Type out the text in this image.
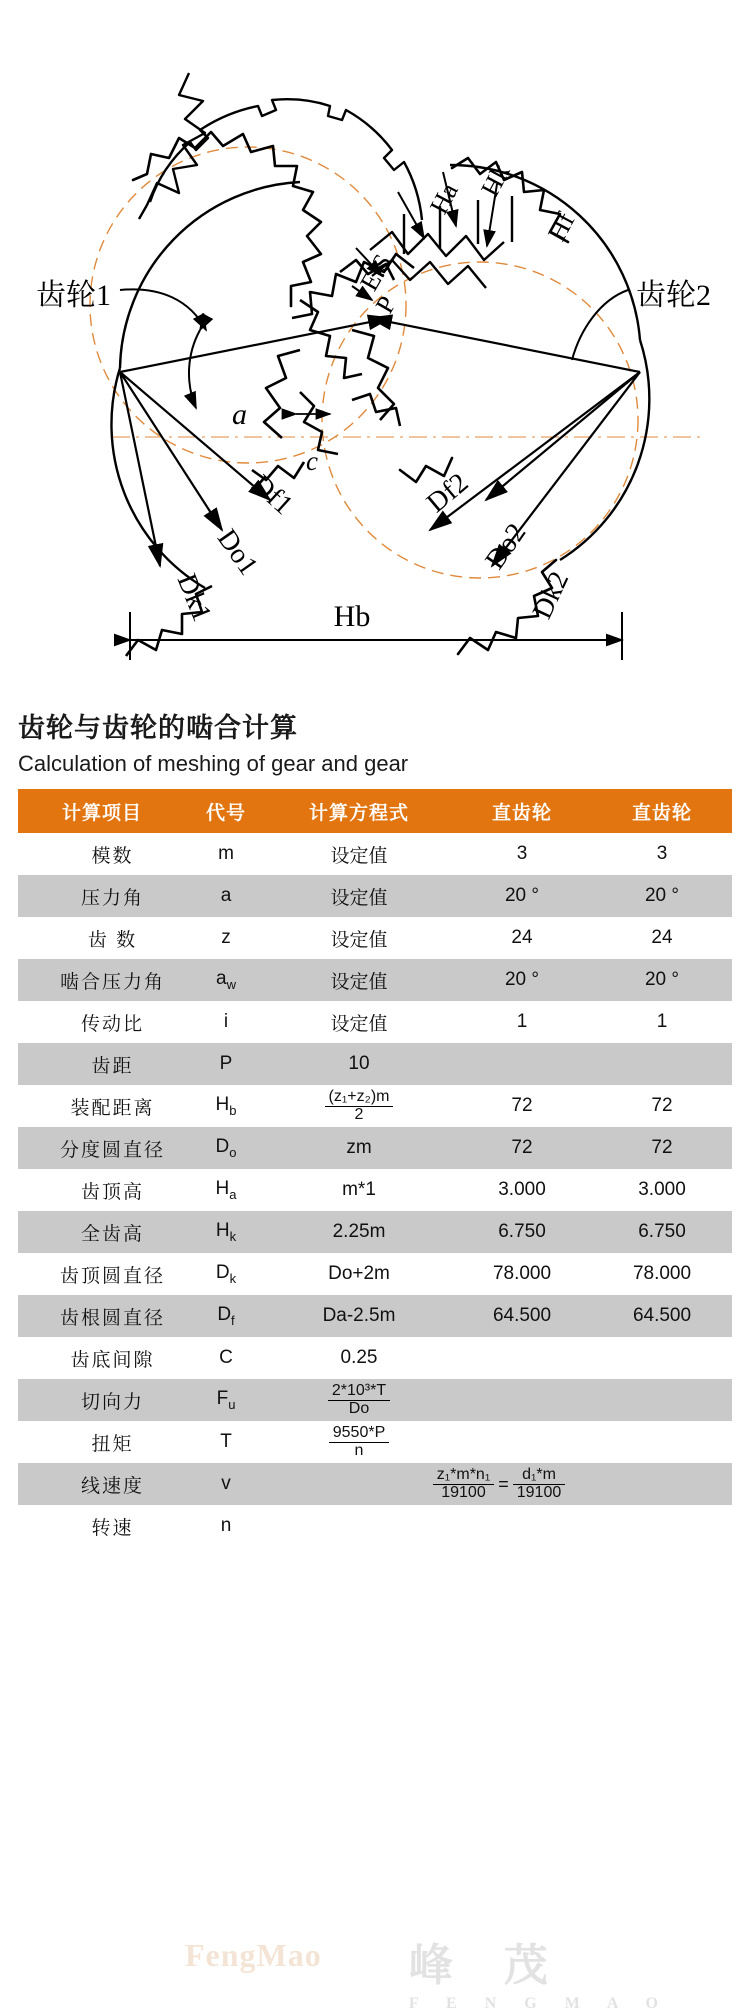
齿轮1	齿轮2
a
c
E.S
P
Ha Hk
Hf
Df1
Do1
Dk1
Df2
Do2
Dk2
Hb
齿轮与齿轮的啮合计算
Calculation of meshing of gear and gear
FengMao 峰 茂
F E N G M A O
计算项目	代号	计算方程式	直齿轮	直齿轮
模数	m	设定值	3	3
压力角	a	设定值	20 °	20 °
齿 数	z	设定值	24	24
啮合压力角	$a_w$	设定值	20 °	20 °
传动比	i	设定值	1	1
齿距	P	10		
装配距离	$H_b$	$\frac{\text{(z₁+z₂)m}}{2}$	72	72
分度圆直径	$D_o$	zm	72	72
齿顶高	$H_a$	m*1	3.000	3.000
全齿高	$H_k$	2.25m	6.750	6.750
齿顶圆直径	$D_k$	Do+2m	78.000	78.000
齿根圆直径	$D_f$	Da-2.5m	64.500	64.500
齿底间隙	C	0.25		
切向力	$F_u$	$\frac{\text{2*10³*T}}{Do}$

扭矩	T	$\frac{9550*P}{n}$

线速度	v	$\frac{\text{z₁*m*n₁}}{19100} = \frac{\text{d₁*m}}{19100}$

转速	n			
